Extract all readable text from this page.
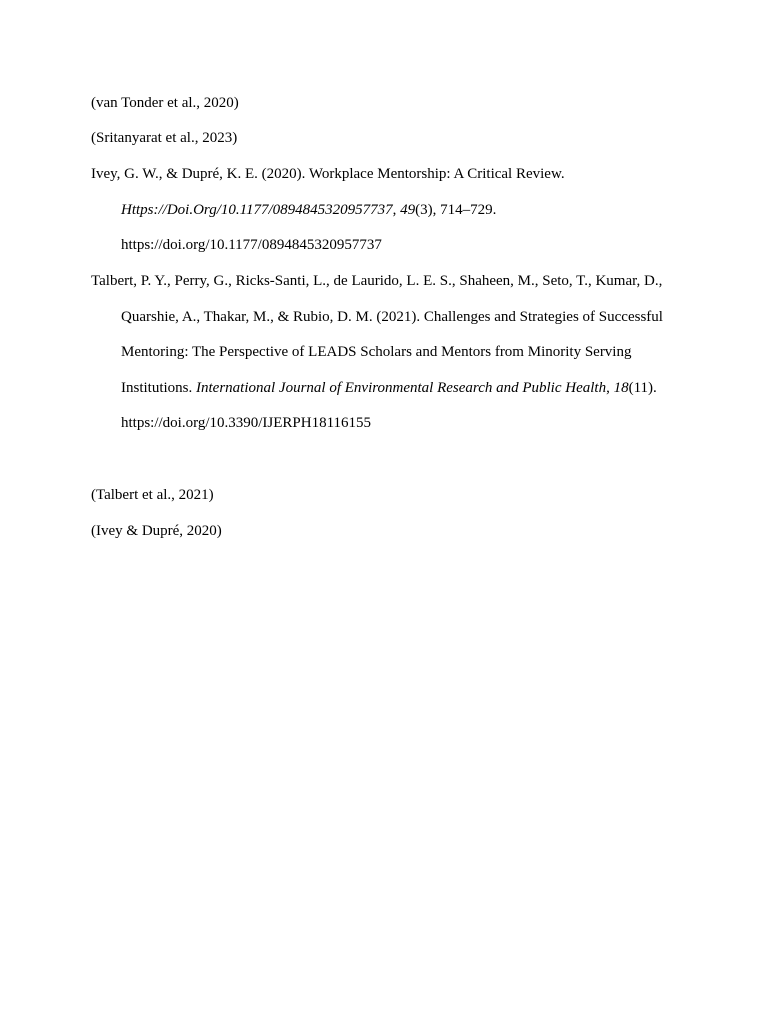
(van Tonder et al., 2020)
(Sritanyarat et al., 2023)
Ivey, G. W., & Dupré, K. E. (2020). Workplace Mentorship: A Critical Review.
Https://Doi.Org/10.1177/0894845320957737, 49(3), 714–729.
https://doi.org/10.1177/0894845320957737
Talbert, P. Y., Perry, G., Ricks-Santi, L., de Laurido, L. E. S., Shaheen, M., Seto, T., Kumar, D.,
Quarshie, A., Thakar, M., & Rubio, D. M. (2021). Challenges and Strategies of Successful
Mentoring: The Perspective of LEADS Scholars and Mentors from Minority Serving
Institutions. International Journal of Environmental Research and Public Health, 18(11).
https://doi.org/10.3390/IJERPH18116155
(Talbert et al., 2021)
(Ivey & Dupré, 2020)
